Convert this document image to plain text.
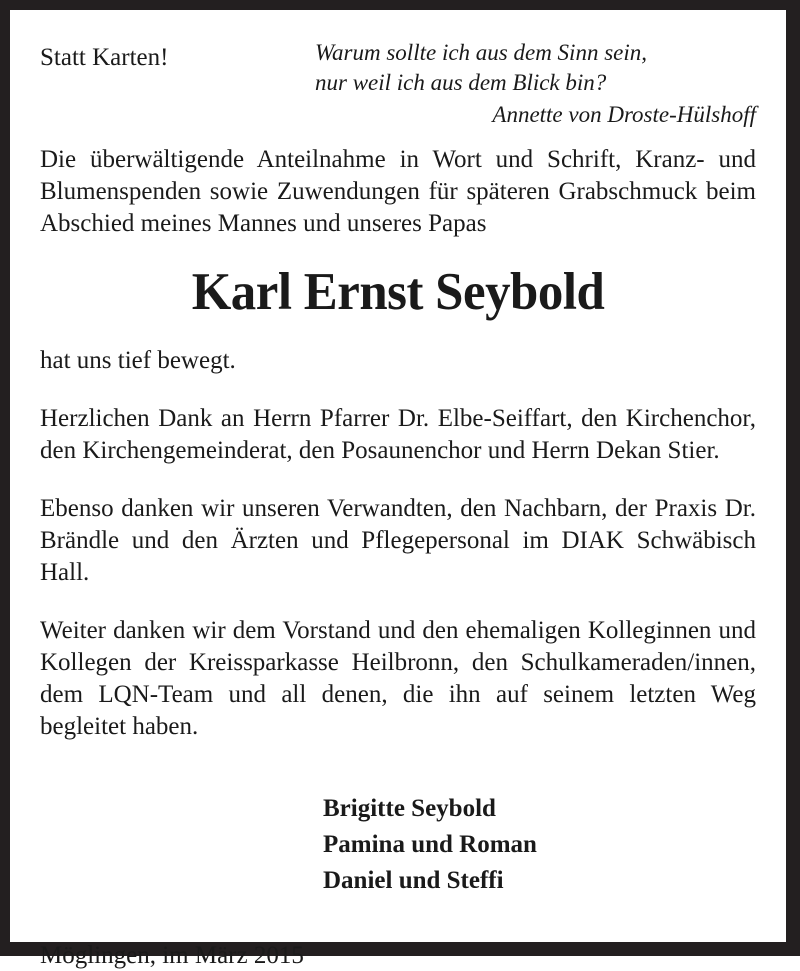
Statt Karten!	Warum sollte ich aus dem Sinn sein,
nur weil ich aus dem Blick bin?
Annette von Droste-Hülshoff

Die überwältigende Anteilnahme in Wort und Schrift, Kranz- und Blumenspenden sowie Zuwendungen für späteren Grabschmuck beim Abschied meines Mannes und unseres Papas

Karl Ernst Seybold

hat uns tief bewegt.

Herzlichen Dank an Herrn Pfarrer Dr. Elbe-Seiffart, den Kirchenchor, den Kirchengemeinderat, den Posaunenchor und Herrn Dekan Stier.

Ebenso danken wir unseren Verwandten, den Nachbarn, der Praxis Dr. Brändle und den Ärzten und Pflegepersonal im DIAK Schwäbisch Hall.

Weiter danken wir dem Vorstand und den ehemaligen Kolleginnen und Kollegen der Kreissparkasse Heilbronn, den Schulkameraden/innen, dem LQN-Team und all denen, die ihn auf seinem letzten Weg begleitet haben.

Brigitte Seybold
Pamina und Roman
Daniel und Steffi
Möglingen, im März 2015
